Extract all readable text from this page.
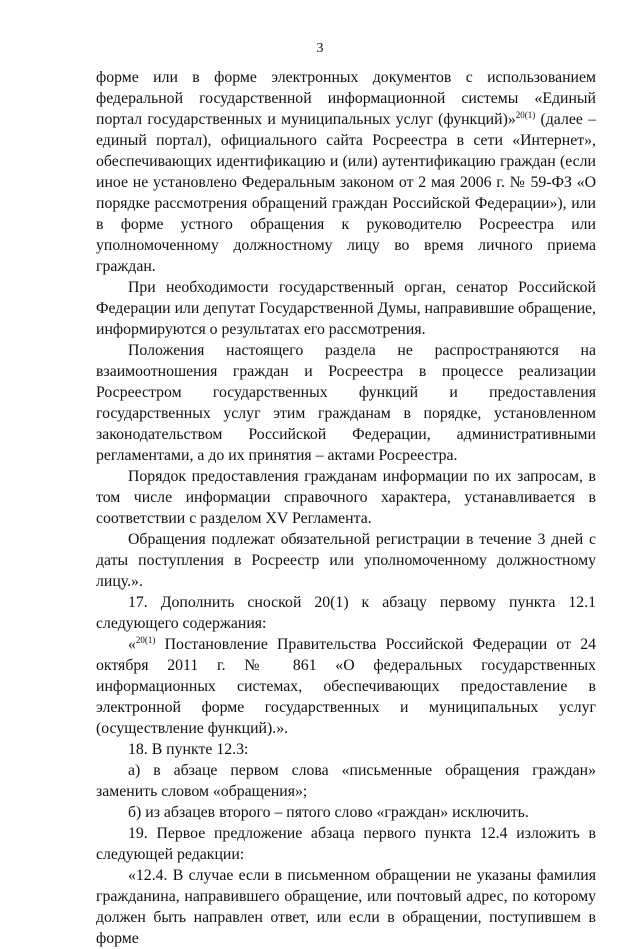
3

форме или в форме электронных документов с использованием федеральной государственной информационной системы «Единый портал государственных и муниципальных услуг (функций)»$^{20(1)}$ (далее – единый портал), официального сайта Росреестра в сети «Интернет», обеспечивающих идентификацию и (или) аутентификацию граждан (если иное не установлено Федеральным законом от 2 мая 2006 г. № 59-ФЗ «О порядке рассмотрения обращений граждан Российской Федерации»), или в форме устного обращения к руководителю Росреестра или уполномоченному должностному лицу во время личного приема граждан.

При необходимости государственный орган, сенатор Российской Федерации или депутат Государственной Думы, направившие обращение, информируются о результатах его рассмотрения.

Положения настоящего раздела не распространяются на взаимоотношения граждан и Росреестра в процессе реализации Росреестром государственных функций и предоставления государственных услуг этим гражданам в порядке, установленном законодательством Российской Федерации, административными регламентами, а до их принятия – актами Росреестра.

Порядок предоставления гражданам информации по их запросам, в том числе информации справочного характера, устанавливается в соответствии с разделом XV Регламента.

Обращения подлежат обязательной регистрации в течение 3 дней с даты поступления в Росреестр или уполномоченному должностному лицу.».

17. Дополнить сноской 20(1) к абзацу первому пункта 12.1 следующего содержания:

«$^{20(1)}$ Постановление Правительства Российской Федерации от 24 октября 2011 г. № 861 «О федеральных государственных информационных системах, обеспечивающих предоставление в электронной форме государственных и муниципальных услуг (осуществление функций).».

18. В пункте 12.3:

а) в абзаце первом слова «письменные обращения граждан» заменить словом «обращения»;

б) из абзацев второго – пятого слово «граждан» исключить.

19. Первое предложение абзаца первого пункта 12.4 изложить в следующей редакции:

«12.4. В случае если в письменном обращении не указаны фамилия гражданина, направившего обращение, или почтовый адрес, по которому должен быть направлен ответ, или если в обращении, поступившем в форме
